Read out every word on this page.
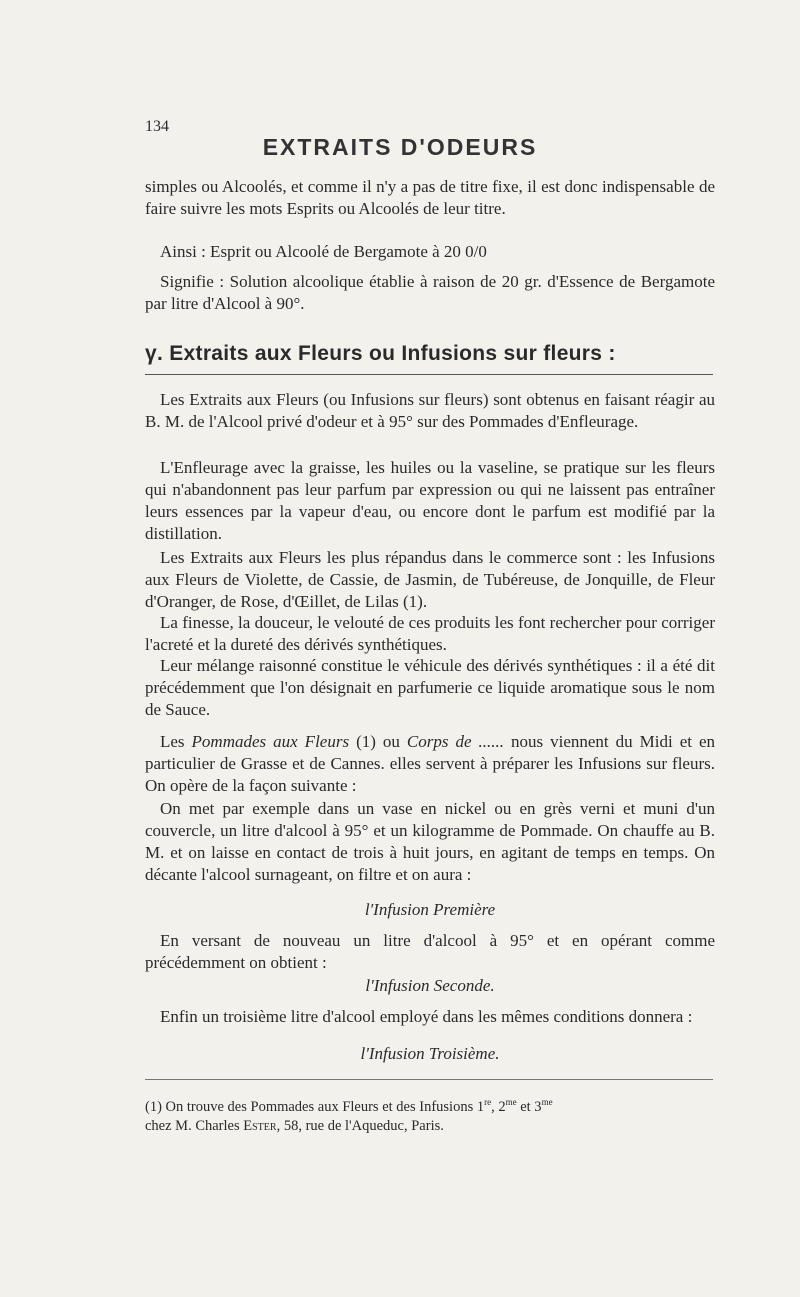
134
EXTRAITS D'ODEURS
simples ou Alcoolés, et comme il n'y a pas de titre fixe, il est donc indispensable de faire suivre les mots Esprits ou Alcoolés de leur titre.
Ainsi : Esprit ou Alcoolé de Bergamote à 20 0/0
Signifie : Solution alcoolique établie à raison de 20 gr. d'Essence de Bergamote par litre d'Alcool à 90°.
γ. Extraits aux Fleurs ou Infusions sur fleurs :
Les Extraits aux Fleurs (ou Infusions sur fleurs) sont obtenus en faisant réagir au B. M. de l'Alcool privé d'odeur et à 95° sur des Pommades d'Enfleurage.
L'Enfleurage avec la graisse, les huiles ou la vaseline, se pratique sur les fleurs qui n'abandonnent pas leur parfum par expression ou qui ne laissent pas entraîner leurs essences par la vapeur d'eau, ou encore dont le parfum est modifié par la distillation.
Les Extraits aux Fleurs les plus répandus dans le commerce sont : les Infusions aux Fleurs de Violette, de Cassie, de Jasmin, de Tubéreuse, de Jonquille, de Fleur d'Oranger, de Rose, d'Œillet, de Lilas (1).
La finesse, la douceur, le velouté de ces produits les font rechercher pour corriger l'acreté et la dureté des dérivés synthétiques.
Leur mélange raisonné constitue le véhicule des dérivés synthétiques : il a été dit précédemment que l'on désignait en parfumerie ce liquide aromatique sous le nom de Sauce.
Les Pommades aux Fleurs (1) ou Corps de ...... nous viennent du Midi et en particulier de Grasse et de Cannes. elles servent à préparer les Infusions sur fleurs. On opère de la façon suivante :
On met par exemple dans un vase en nickel ou en grès verni et muni d'un couvercle, un litre d'alcool à 95° et un kilogramme de Pommade. On chauffe au B. M. et on laisse en contact de trois à huit jours, en agitant de temps en temps. On décante l'alcool surnageant, on filtre et on aura :
l'Infusion Première
En versant de nouveau un litre d'alcool à 95° et en opérant comme précédemment on obtient :
l'Infusion Seconde.
Enfin un troisième litre d'alcool employé dans les mêmes conditions donnera :
l'Infusion Troisième.
(1) On trouve des Pommades aux Fleurs et des Infusions 1re, $2^{me}$ et $3^{me}$
chez M. Charles Ester, 58, rue de l'Aqueduc, Paris.
